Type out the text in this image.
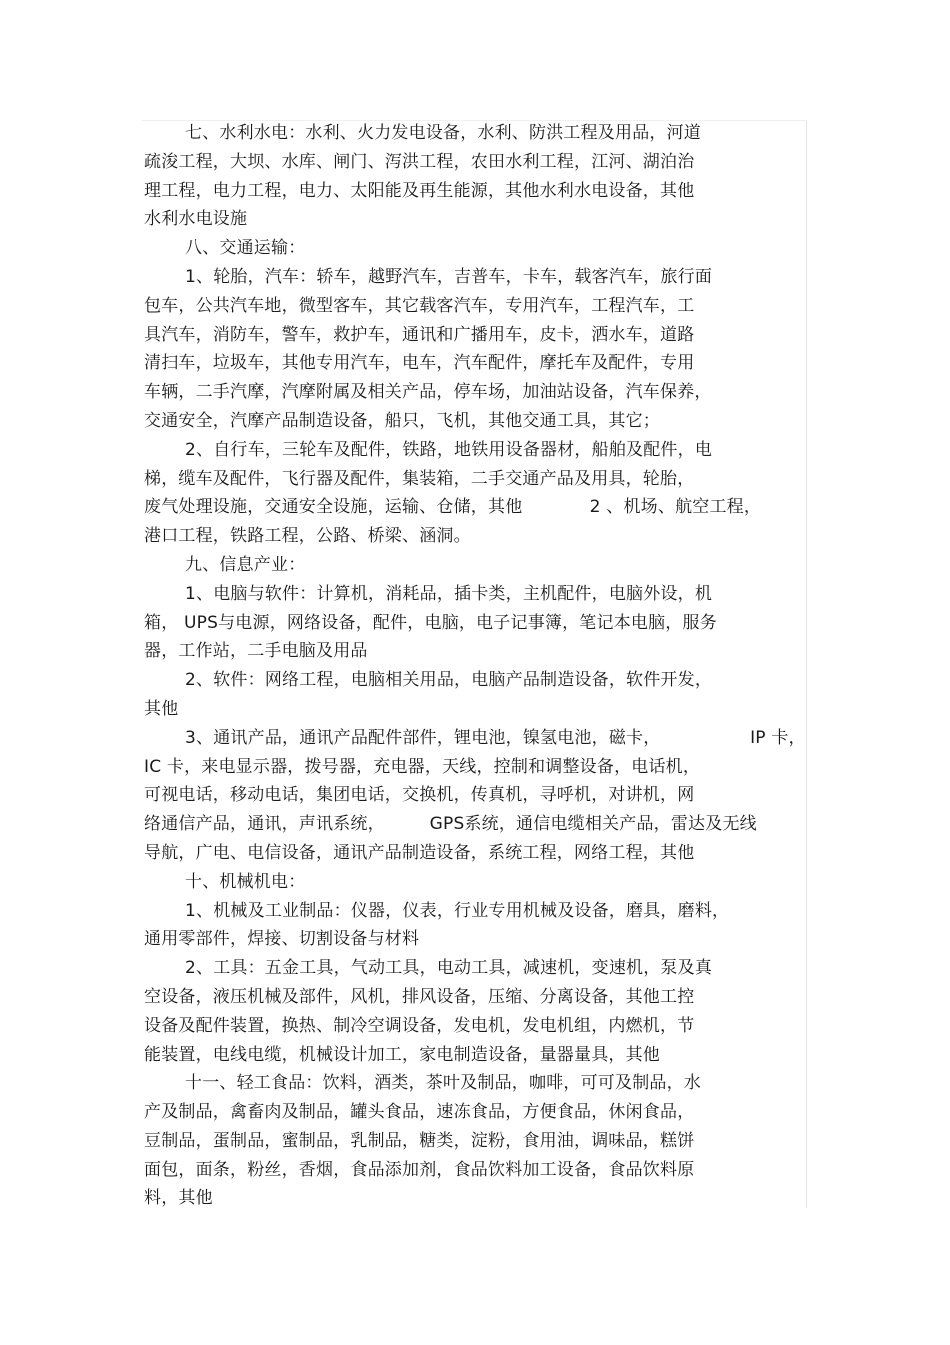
七、水利水电：水利、火力发电设备，水利、防洪工程及用品，河道
疏浚工程，大坝、水库、闸门、泻洪工程，农田水利工程，江河、湖泊治
理工程，电力工程，电力、太阳能及再生能源，其他水利水电设备，其他
水利水电设施
八、交通运输：
1、轮胎，汽车：轿车，越野汽车，吉普车，卡车，载客汽车，旅行面
包车，公共汽车地，微型客车，其它载客汽车，专用汽车，工程汽车，工
具汽车，消防车，警车，救护车，通讯和广播用车，皮卡，洒水车，道路
清扫车，垃圾车，其他专用汽车，电车，汽车配件，摩托车及配件，专用
车辆，二手汽摩，汽摩附属及相关产品，停车场，加油站设备，汽车保养，
交通安全，汽摩产品制造设备，船只，飞机，其他交通工具，其它；
2、自行车，三轮车及配件，铁路，地铁用设备器材，船舶及配件，电
梯，缆车及配件，飞行器及配件，集装箱，二手交通产品及用具，轮胎，
废气处理设施，交通安全设施，运输、仓储，其他            2 、机场、航空工程，
港口工程，铁路工程，公路、桥梁、涵洞。
九、信息产业：
1、电脑与软件：计算机，消耗品，插卡类，主机配件，电脑外设，机
箱， UPS与电源，网络设备，配件，电脑，电子记事簿，笔记本电脑，服务
器，工作站，二手电脑及用品
2、软件：网络工程，电脑相关用品，电脑产品制造设备，软件开发，
其他
3、通讯产品，通讯产品配件部件，锂电池，镍氢电池，磁卡，                IP 卡，
IC 卡，来电显示器，拨号器，充电器，天线，控制和调整设备，电话机，
可视电话，移动电话，集团电话，交换机，传真机，寻呼机，对讲机，网
络通信产品，通讯，声讯系统，        GPS系统，通信电缆相关产品，雷达及无线
导航，广电、电信设备，通讯产品制造设备，系统工程，网络工程，其他
十、机械机电：
1、机械及工业制品：仪器，仪表，行业专用机械及设备，磨具，磨料，
通用零部件，焊接、切割设备与材料
2、工具：五金工具，气动工具，电动工具，减速机，变速机，泵及真
空设备，液压机械及部件，风机，排风设备，压缩、分离设备，其他工控
设备及配件装置，换热、制冷空调设备，发电机，发电机组，内燃机，节
能装置，电线电缆，机械设计加工，家电制造设备，量器量具，其他
十一、轻工食品：饮料，酒类，茶叶及制品，咖啡，可可及制品，水
产及制品，禽畜肉及制品，罐头食品，速冻食品，方便食品，休闲食品，
豆制品，蛋制品，蜜制品，乳制品，糖类，淀粉，食用油，调味品，糕饼
面包，面条，粉丝，香烟，食品添加剂，食品饮料加工设备，食品饮料原
料，其他
